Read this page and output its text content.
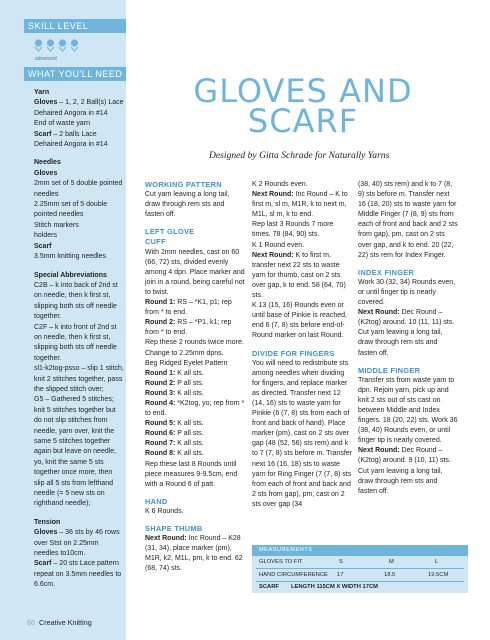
SKILL LEVEL
advanced
WHAT YOU'LL NEED

Yarn

Gloves – 1, 2, 2 Ball(s) Lace Dehaired Angora in #14

End of waste yarn

Scarf – 2 balls Lace Dehaired Angora in #14

Needles

Gloves

2mm set of 5 double pointed needles
2.25mm set of 5 double pointed needles
Stitch markers
holders

Scarf

3.5mm knitting needles

Special Abbreviations

C2B – k into back of 2nd st on needle, then k first st, slipping both sts off needle together.
C2F – k into front of 2nd st on needle, then k first st, slipping both sts off needle together.
sl1-k2tog-psso – slip 1 stitch, knit 2 stitches together, pass the slipped stitch over;
G5 – Gathered 5 stitches; knit 5 stitches together but do not slip stitches from needle, yarn over, knit the same 5 stitches together again but leave on needle, yo, knit the same 5 sts together once more, then slip all 5 sts from lefthand needle (= 5 new sts on righthand needle);

Tension

Gloves – 36 sts by 46 rows over Stst on 2.25mm needles to10cm.

Scarf – 20 sts Lace pattern repeat on 3.5mm needles to 6.6cm.

GLOVES AND
SCARF
Designed by Gitta Schrade for Naturally Yarns

WORKING PATTERN

Cut yarn leaving a long tail, draw through rem sts and fasten off.

LEFT GLOVE

CUFF

With 2mm needles, cast on 60 (66, 72) sts, divided evenly among 4 dpn. Place marker and join in a round, being careful not to twist.

Round 1: RS – *K1, p1; rep from * to end.

Round 2: RS – *P1, k1; rep from * to end.

Rep these 2 rounds twice more.

Change to 2.25mm dpns.

Beg Ridged Eyelet Pattern

Round 1: K all sts.

Round 2: P all sts.

Round 3: K all sts.

Round 4: *K2tog, yo; rep from * to end.

Round 5: K all sts.

Round 6: P all sts.

Round 7: K all sts.

Round 8: K all sts.

Rep these last 8 Rounds until piece measures 9-9.5cm, end with a Round 6 of patt.

HAND

K 6 Rounds.

SHAPE THUMB

Next Round: Inc Round – K28 (31, 34), place marker (pm), M1R, k2, M1L, pm, k to end. 62 (68, 74) sts.

K 2 Rounds even.

Next Round: Inc Round – K to first m, sl m, M1R, k to next m, M1L, sl m, k to end.

Rep last 3 Rounds 7 more times. 78 (84, 90) sts.

K 1 Round even.

Next Round: K to first m, transfer next 22 sts to waste yarn for thumb, cast on 2 sts over gap, k to end. 58 (64, 70) sts.

K 13 (15, 16) Rounds even or until base of Pinkie is reached, end 6 (7, 8) sts before end-of-Round marker on last Round.

DIVIDE FOR FINGERS

You will need to redistribute sts among needles when dividing for fingers, and replace marker as directed. Transfer next 12 (14, 16) sts to waste yarn for Pinkie (6 (7, 8) sts from each of front and back of hand). Place marker (pm), cast on 2 sts over gap (48 (52, 56) sts rem) and k to 7 (7, 8) sts before m. Transfer next 16 (16, 18) sts to waste yarn for Ring Finger (7 (7, 8) sts from each of front and back and 2 sts from gap), pm, cast on 2 sts over gap (34

(38, 40) sts rem) and k to 7 (8, 9) sts before m. Transfer next 16 (18, 20) sts to waste yarn for Middle Finger (7 (8, 9) sts from each of front and back and 2 sts from gap), pm, cast on 2 sts over gap, and k to end. 20 (22, 22) sts rem for Index Finger.

INDEX FINGER

Work 30 (32, 34) Rounds even, or until finger tip is nearly covered.

Next Round: Dec Round – (K2tog) around. 10 (11, 11) sts. Cut yarn leaving a long tail, draw through rem sts and fasten off.

MIDDLE FINGER

Transfer sts from waste yarn to dpn. Rejoin yarn, pick up and knit 2 sts out of sts cast on between Middle and Index fingers. 18 (20, 22) sts. Work 36 (38, 40) Rounds even, or until finger tip is nearly covered.

Next Round: Dec Round – (K2tog) around. 9 (10, 11) sts. Cut yarn leaving a long tail, draw through rem sts and fasten off.

MEASUREMENTS
GLOVES TO FIT	S	M	L
HAND CIRCUMFERENCE 17	18.5	19.5CM
SCARF LENGTH 115CM X WIDTH 17CM
66 Creative Knitting
